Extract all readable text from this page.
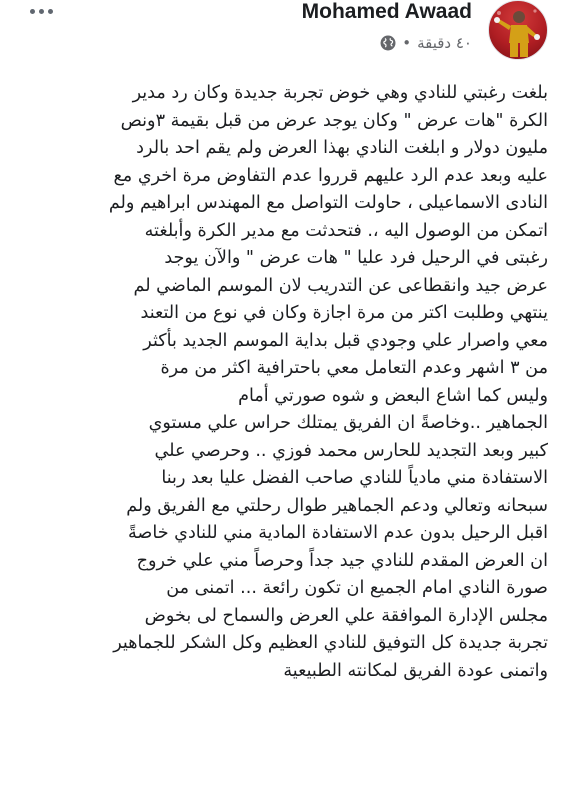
Mohamed Awaad
٤٠ دقيقة
•
بلغت رغبتي للنادي وهي خوض تجربة جديدة وكان رد مدير
الكرة "هات عرض " وكان يوجد عرض من قبل بقيمة ٣ونص
مليون دولار و ابلغت النادي بهذا العرض ولم يقم احد بالرد
عليه وبعد عدم الرد عليهم قرروا عدم التفاوض مرة اخري مع
النادى الاسماعيلى ، حاولت التواصل مع المهندس ابراهيم ولم
اتمكن من الوصول اليه ،. فتحدثت مع مدير الكرة وأبلغته
رغبتى في الرحيل فرد عليا " هات عرض " والآن يوجد
عرض جيد وانقطاعى عن التدريب لان الموسم الماضي لم
ينتهي وطلبت اكتر من مرة اجازة وكان في نوع من التعند
معي واصرار علي وجودي قبل بداية الموسم الجديد بأكثر
من ٣ اشهر وعدم التعامل معي باحترافية اكثر من مرة
وليس كما اشاع البعض و شوه صورتي أمام
الجماهير ..وخاصةً ان الفريق يمتلك حراس علي مستوي
كبير وبعد التجديد للحارس محمد فوزي .. وحرصي علي
الاستفادة مني مادياً للنادي صاحب الفضل عليا بعد ربنا
سبحانه وتعالي ودعم الجماهير طوال رحلتي مع الفريق ولم
اقبل الرحيل بدون عدم الاستفادة المادية مني للنادي خاصةً
ان العرض المقدم للنادي جيد جداً وحرصاً مني علي خروج
صورة النادي امام الجميع ان تكون رائعة ... اتمنى من
مجلس الإدارة الموافقة علي العرض والسماح لى بخوض
تجربة جديدة كل التوفيق للنادي العظيم وكل الشكر للجماهير
واتمنى عودة الفريق لمكانته الطبيعية
